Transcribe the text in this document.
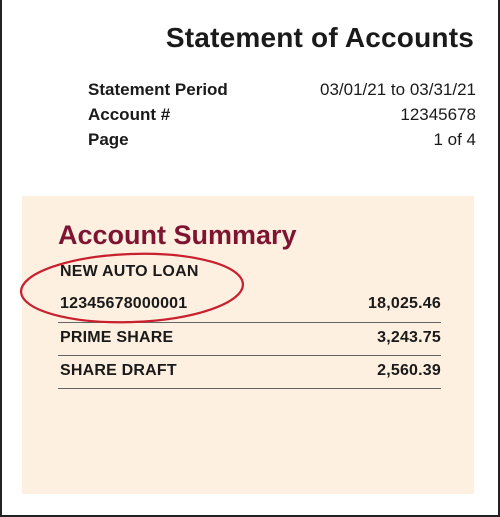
Statement of Accounts
Statement Period	03/01/21 to 03/31/21
Account #	12345678
Page	1 of 4
Account Summary
NEW AUTO LOAN
12345678000001	18,025.46
PRIME SHARE	3,243.75
SHARE DRAFT	2,560.39
